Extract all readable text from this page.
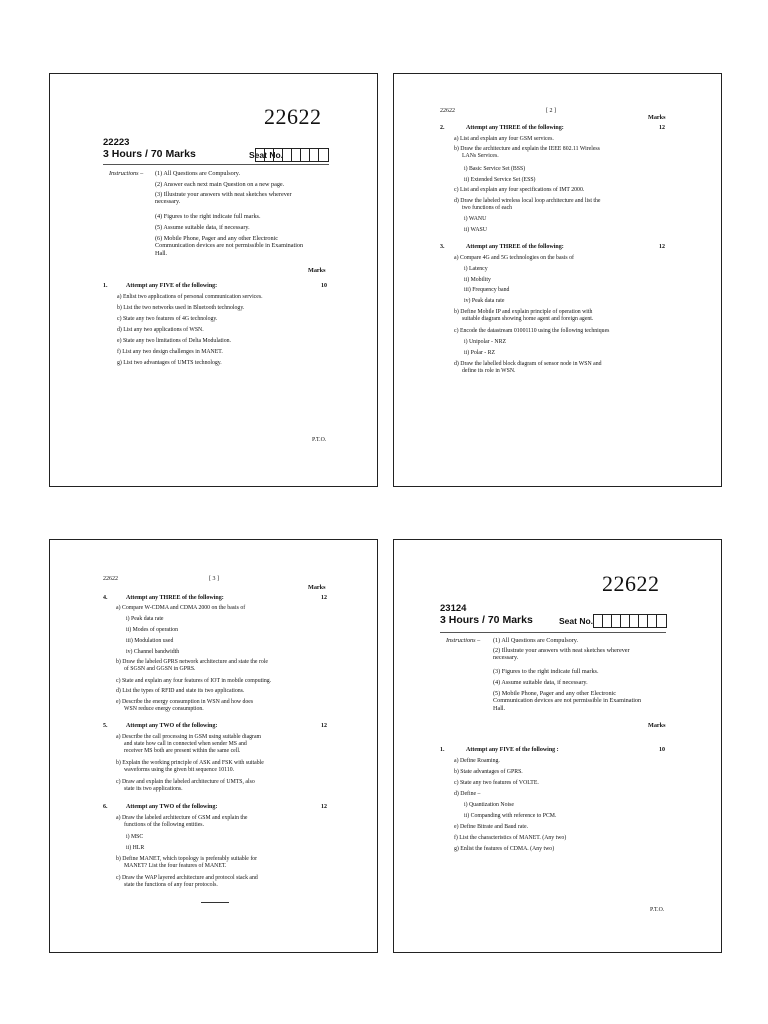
22622
22223
3 Hours / 70 Marks	Seat No.
Instructions – (1) All Questions are Compulsory.
(2) Answer each next main Question on a new page.
(3) Illustrate your answers with neat sketches wherever necessary.
(4) Figures to the right indicate full marks.
(5) Assume suitable data, if necessary.
(6) Mobile Phone, Pager and any other Electronic Communication devices are not permissible in Examination Hall.
Marks
1.	Attempt any FIVE of the following:	10
a) Enlist two applications of personal communication services.
b) List the two networks used in Bluetooth technology.
c) State any two features of 4G technology.
d) List any two applications of WSN.
e) State any two limitations of Delta Modulation.
f) List any two design challenges in MANET.
g) List two advantages of UMTS technology.
P.T.O.
22622	[ 2 ]
Marks
2.	Attempt any THREE of the following:	12
a) List and explain any four GSM services.
b) Draw the architecture and explain the IEEE 802.11 Wireless
LANs Services.
i) Basic Service Set (BSS)
ii) Extended Service Set (ESS)
c) List and explain any four specifications of IMT 2000.
d) Draw the labeled wireless local loop architecture and list the
two functions of each
i) WANU
ii) WASU
3.	Attempt any THREE of the following:	12
a) Compare 4G and 5G technologies on the basis of
i) Latency
ii) Mobility
iii) Frequency band
iv) Peak data rate
b) Define Mobile IP and explain principle of operation with
suitable diagram showing home agent and foreign agent.
c) Encode the datastream 01001110 using the following techniques
i) Unipolar - NRZ
ii) Polar - RZ
d) Draw the labelled block diagram of sensor node in WSN and
define its role in WSN.
22622	[ 3 ]
Marks
4.	Attempt any THREE of the following:	12
a) Compare W-CDMA and CDMA 2000 on the basis of
i) Peak data rate
ii) Modes of operation
iii) Modulation used
iv) Channel bandwidth
b) Draw the labeled GPRS network architecture and state the role
of SGSN and GGSN in GPRS.
c) State and explain any four features of IOT in mobile computing.
d) List the types of RFID and state its two applications.
e) Describe the energy consumption in WSN and how does
WSN reduce energy consumption.
5.	Attempt any TWO of the following:	12
a) Describe the call processing in GSM using suitable diagram
and state how call in connected when sender MS and
receiver MS both are present within the same cell.
b) Explain the working principle of ASK and FSK with suitable
waveforms using the given bit sequence 10110.
c) Draw and explain the labeled architecture of UMTS, also
state its two applications.
6.	Attempt any TWO of the following:	12
a) Draw the labeled architecture of GSM and explain the
functions of the following entities.
i) MSC
ii) HLR
b) Define MANET, which topology is preferably suitable for
MANET? List the four features of MANET.
c) Draw the WAP layered architecture and protocol stack and
state the functions of any four protocols.
22622
23124
3 Hours / 70 Marks	Seat No.
Instructions – (1) All Questions are Compulsory.
(2) Illustrate your answers with neat sketches wherever necessary.
(3) Figures to the right indicate full marks.
(4) Assume suitable data, if necessary.
(5) Mobile Phone, Pager and any other Electronic Communication devices are not permissible in Examination Hall.
Marks
1.	Attempt any FIVE of the following :	10
a) Define Roaming.
b) State advantages of GPRS.
c) State any two features of VOLTE.
d) Define –
i) Quantization Noise
ii) Companding with reference to PCM.
e) Define Bitrate and Baud rate.
f) List the characteristics of MANET. (Any two)
g) Enlist the features of CDMA. (Any two)
P.T.O.
